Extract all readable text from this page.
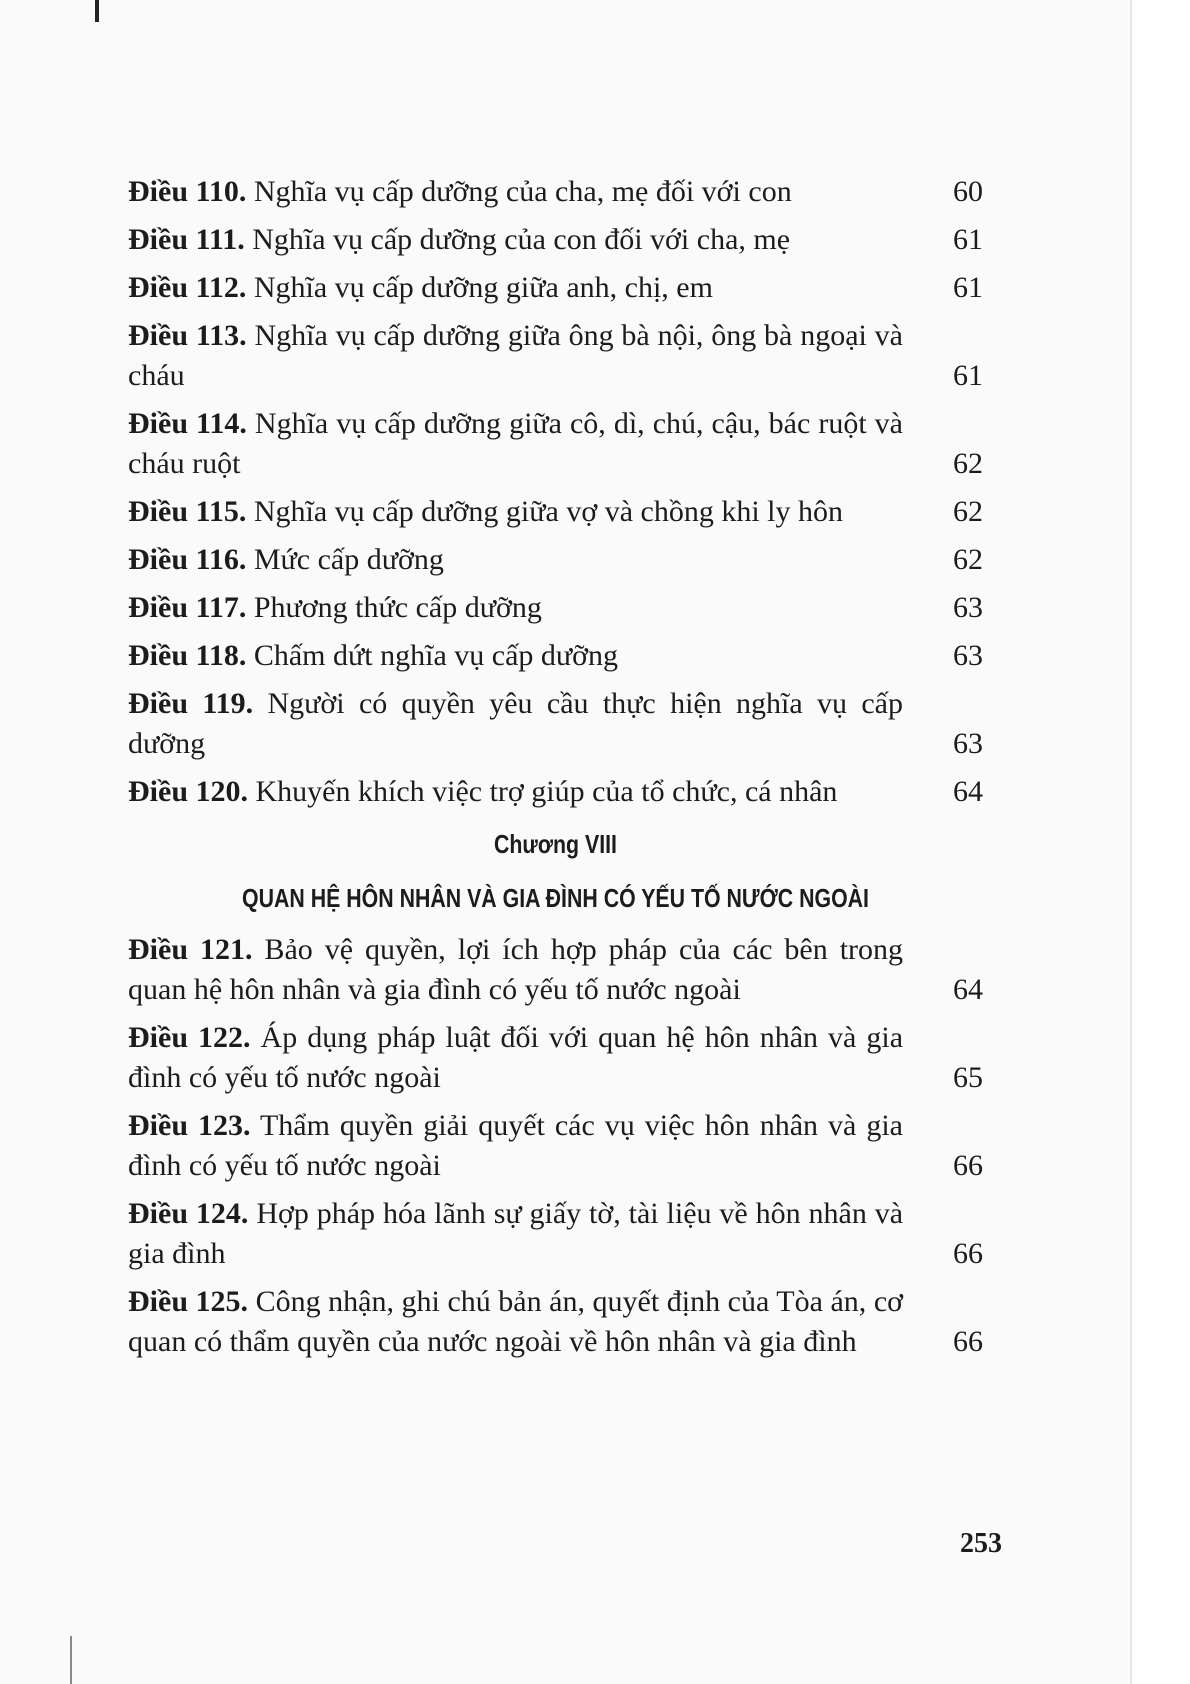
Điều 110. Nghĩa vụ cấp dưỡng của cha, mẹ đối với con	60
Điều 111. Nghĩa vụ cấp dưỡng của con đối với cha, mẹ	61
Điều 112. Nghĩa vụ cấp dưỡng giữa anh, chị, em	61
Điều 113. Nghĩa vụ cấp dưỡng giữa ông bà nội, ông bà ngoại và cháu	61
Điều 114. Nghĩa vụ cấp dưỡng giữa cô, dì, chú, cậu, bác ruột và cháu ruột	62
Điều 115. Nghĩa vụ cấp dưỡng giữa vợ và chồng khi ly hôn	62
Điều 116. Mức cấp dưỡng	62
Điều 117. Phương thức cấp dưỡng	63
Điều 118. Chấm dứt nghĩa vụ cấp dưỡng	63
Điều 119. Người có quyền yêu cầu thực hiện nghĩa vụ cấp dưỡng	63
Điều 120. Khuyến khích việc trợ giúp của tổ chức, cá nhân	64
Chương VIII
QUAN HỆ HÔN NHÂN VÀ GIA ĐÌNH CÓ YẾU TỐ NƯỚC NGOÀI
Điều 121. Bảo vệ quyền, lợi ích hợp pháp của các bên trong quan hệ hôn nhân và gia đình có yếu tố nước ngoài	64
Điều 122. Áp dụng pháp luật đối với quan hệ hôn nhân và gia đình có yếu tố nước ngoài	65
Điều 123. Thẩm quyền giải quyết các vụ việc hôn nhân và gia đình có yếu tố nước ngoài	66
Điều 124. Hợp pháp hóa lãnh sự giấy tờ, tài liệu về hôn nhân và gia đình	66
Điều 125. Công nhận, ghi chú bản án, quyết định của Tòa án, cơ quan có thẩm quyền của nước ngoài về hôn nhân và gia đình	66
253
